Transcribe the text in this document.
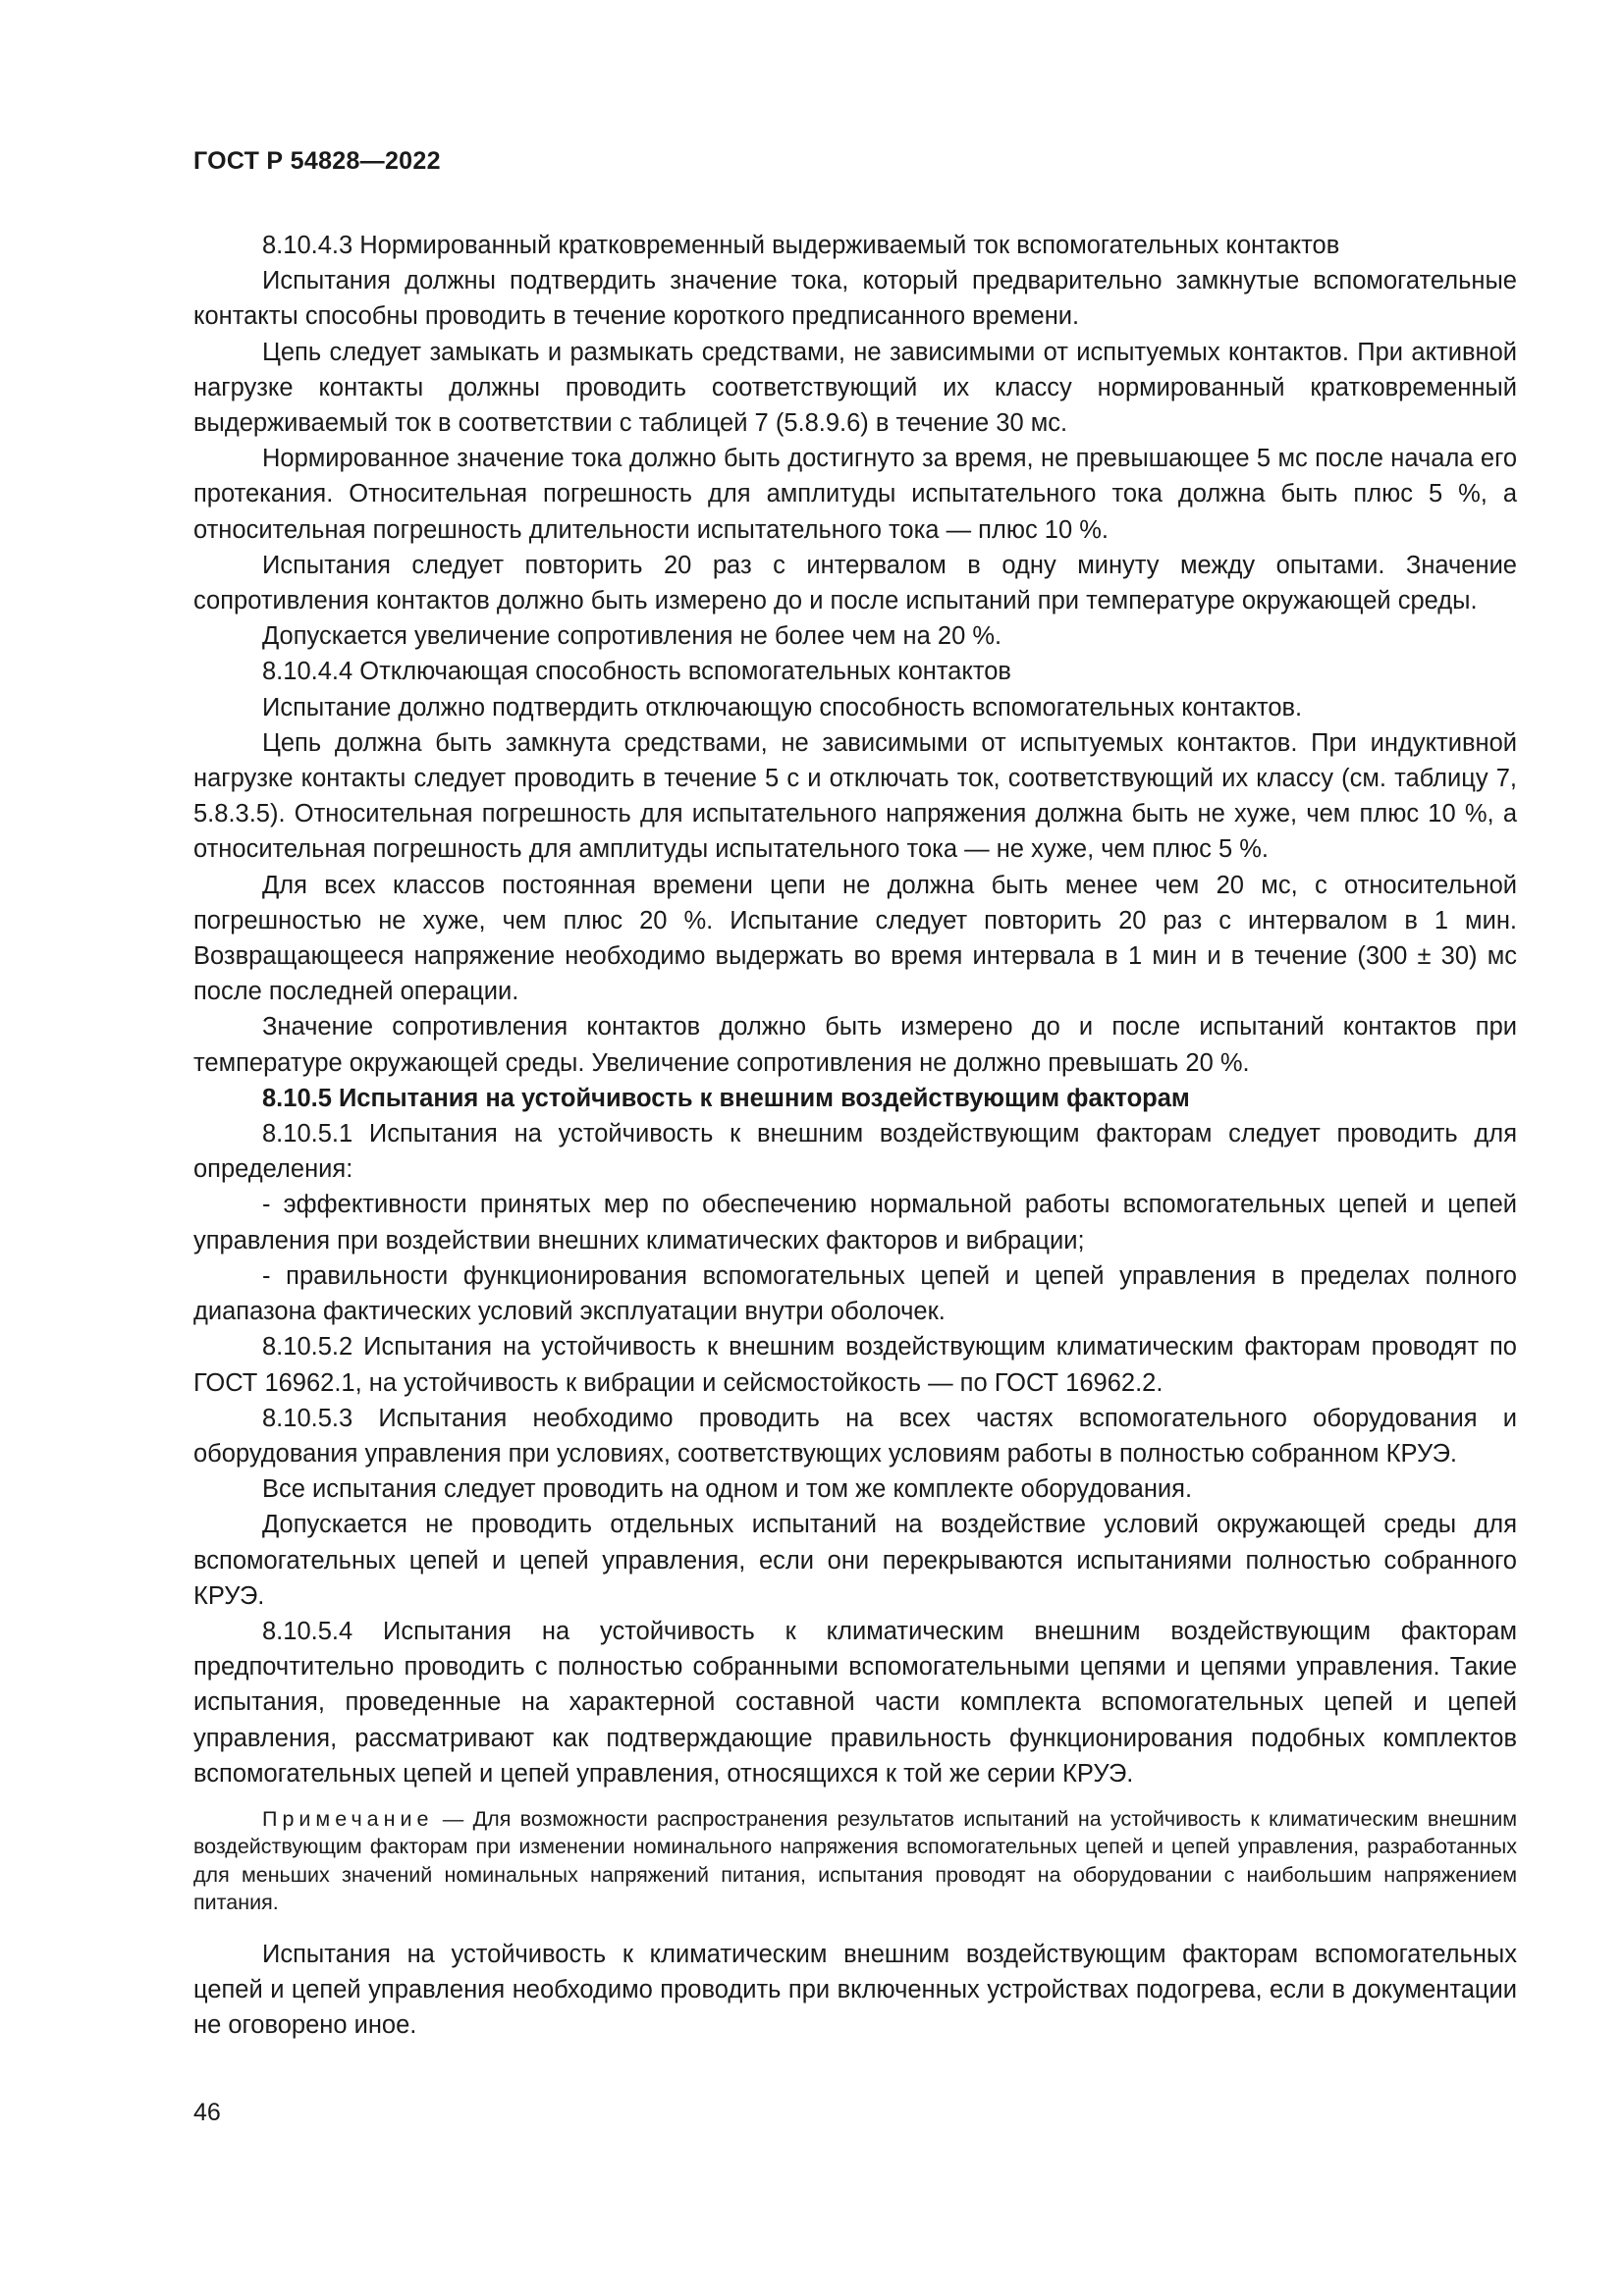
ГОСТ Р 54828—2022

8.10.4.3 Нормированный кратковременный выдерживаемый ток вспомогательных контактов

Испытания должны подтвердить значение тока, который предварительно замкнутые вспомогательные контакты способны проводить в течение короткого предписанного времени.

Цепь следует замыкать и размыкать средствами, не зависимыми от испытуемых контактов. При активной нагрузке контакты должны проводить соответствующий их классу нормированный кратковременный выдерживаемый ток в соответствии с таблицей 7 (5.8.9.6) в течение 30 мс.

Нормированное значение тока должно быть достигнуто за время, не превышающее 5 мс после начала его протекания. Относительная погрешность для амплитуды испытательного тока должна быть плюс 5 %, а относительная погрешность длительности испытательного тока — плюс 10 %.

Испытания следует повторить 20 раз с интервалом в одну минуту между опытами. Значение сопротивления контактов должно быть измерено до и после испытаний при температуре окружающей среды.

Допускается увеличение сопротивления не более чем на 20 %.

8.10.4.4 Отключающая способность вспомогательных контактов

Испытание должно подтвердить отключающую способность вспомогательных контактов.

Цепь должна быть замкнута средствами, не зависимыми от испытуемых контактов. При индуктивной нагрузке контакты следует проводить в течение 5 с и отключать ток, соответствующий их классу (см. таблицу 7, 5.8.3.5). Относительная погрешность для испытательного напряжения должна быть не хуже, чем плюс 10 %, а относительная погрешность для амплитуды испытательного тока — не хуже, чем плюс 5 %.

Для всех классов постоянная времени цепи не должна быть менее чем 20 мс, с относительной погрешностью не хуже, чем плюс 20 %. Испытание следует повторить 20 раз с интервалом в 1 мин. Возвращающееся напряжение необходимо выдержать во время интервала в 1 мин и в течение (300 ± 30) мс после последней операции.

Значение сопротивления контактов должно быть измерено до и после испытаний контактов при температуре окружающей среды. Увеличение сопротивления не должно превышать 20 %.

8.10.5 Испытания на устойчивость к внешним воздействующим факторам

8.10.5.1 Испытания на устойчивость к внешним воздействующим факторам следует проводить для определения:

- эффективности принятых мер по обеспечению нормальной работы вспомогательных цепей и цепей управления при воздействии внешних климатических факторов и вибрации;

- правильности функционирования вспомогательных цепей и цепей управления в пределах полного диапазона фактических условий эксплуатации внутри оболочек.

8.10.5.2 Испытания на устойчивость к внешним воздействующим климатическим факторам проводят по ГОСТ 16962.1, на устойчивость к вибрации и сейсмостойкость — по ГОСТ 16962.2.

8.10.5.3 Испытания необходимо проводить на всех частях вспомогательного оборудования и оборудования управления при условиях, соответствующих условиям работы в полностью собранном КРУЭ.

Все испытания следует проводить на одном и том же комплекте оборудования.

Допускается не проводить отдельных испытаний на воздействие условий окружающей среды для вспомогательных цепей и цепей управления, если они перекрываются испытаниями полностью собранного КРУЭ.

8.10.5.4 Испытания на устойчивость к климатическим внешним воздействующим факторам предпочтительно проводить с полностью собранными вспомогательными цепями и цепями управления. Такие испытания, проведенные на характерной составной части комплекта вспомогательных цепей и цепей управления, рассматривают как подтверждающие правильность функционирования подобных комплектов вспомогательных цепей и цепей управления, относящихся к той же серии КРУЭ.

Примечание — Для возможности распространения результатов испытаний на устойчивость к климатическим внешним воздействующим факторам при изменении номинального напряжения вспомогательных цепей и цепей управления, разработанных для меньших значений номинальных напряжений питания, испытания проводят на оборудовании с наибольшим напряжением питания.

Испытания на устойчивость к климатическим внешним воздействующим факторам вспомогательных цепей и цепей управления необходимо проводить при включенных устройствах подогрева, если в документации не оговорено иное.

46
